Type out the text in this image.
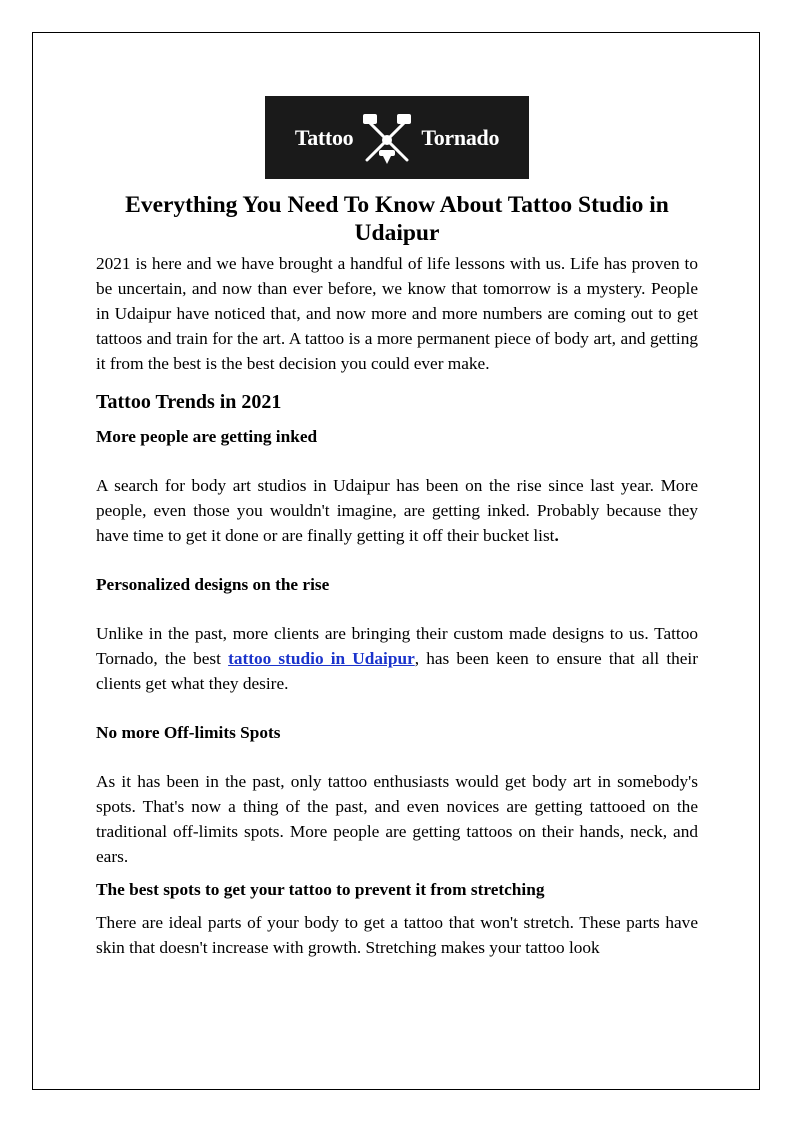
Tattoo	Tornado
Everything You Need To Know About Tattoo Studio in Udaipur

2021 is here and we have brought a handful of life lessons with us. Life has proven to be uncertain, and now than ever before, we know that tomorrow is a mystery. People in Udaipur have noticed that, and now more and more numbers are coming out to get tattoos and train for the art. A tattoo is a more permanent piece of body art, and getting it from the best is the best decision you could ever make.

Tattoo Trends in 2021
More people are getting inked

A search for body art studios in Udaipur has been on the rise since last year. More people, even those you wouldn't imagine, are getting inked. Probably because they have time to get it done or are finally getting it off their bucket list.

Personalized designs on the rise

Unlike in the past, more clients are bringing their custom made designs to us. Tattoo Tornado, the best tattoo studio in Udaipur, has been keen to ensure that all their clients get what they desire.

No more Off-limits Spots

As it has been in the past, only tattoo enthusiasts would get body art in somebody's spots. That's now a thing of the past, and even novices are getting tattooed on the traditional off-limits spots. More people are getting tattoos on their hands, neck, and ears.

The best spots to get your tattoo to prevent it from stretching

There are ideal parts of your body to get a tattoo that won't stretch. These parts have skin that doesn't increase with growth. Stretching makes your tattoo look
